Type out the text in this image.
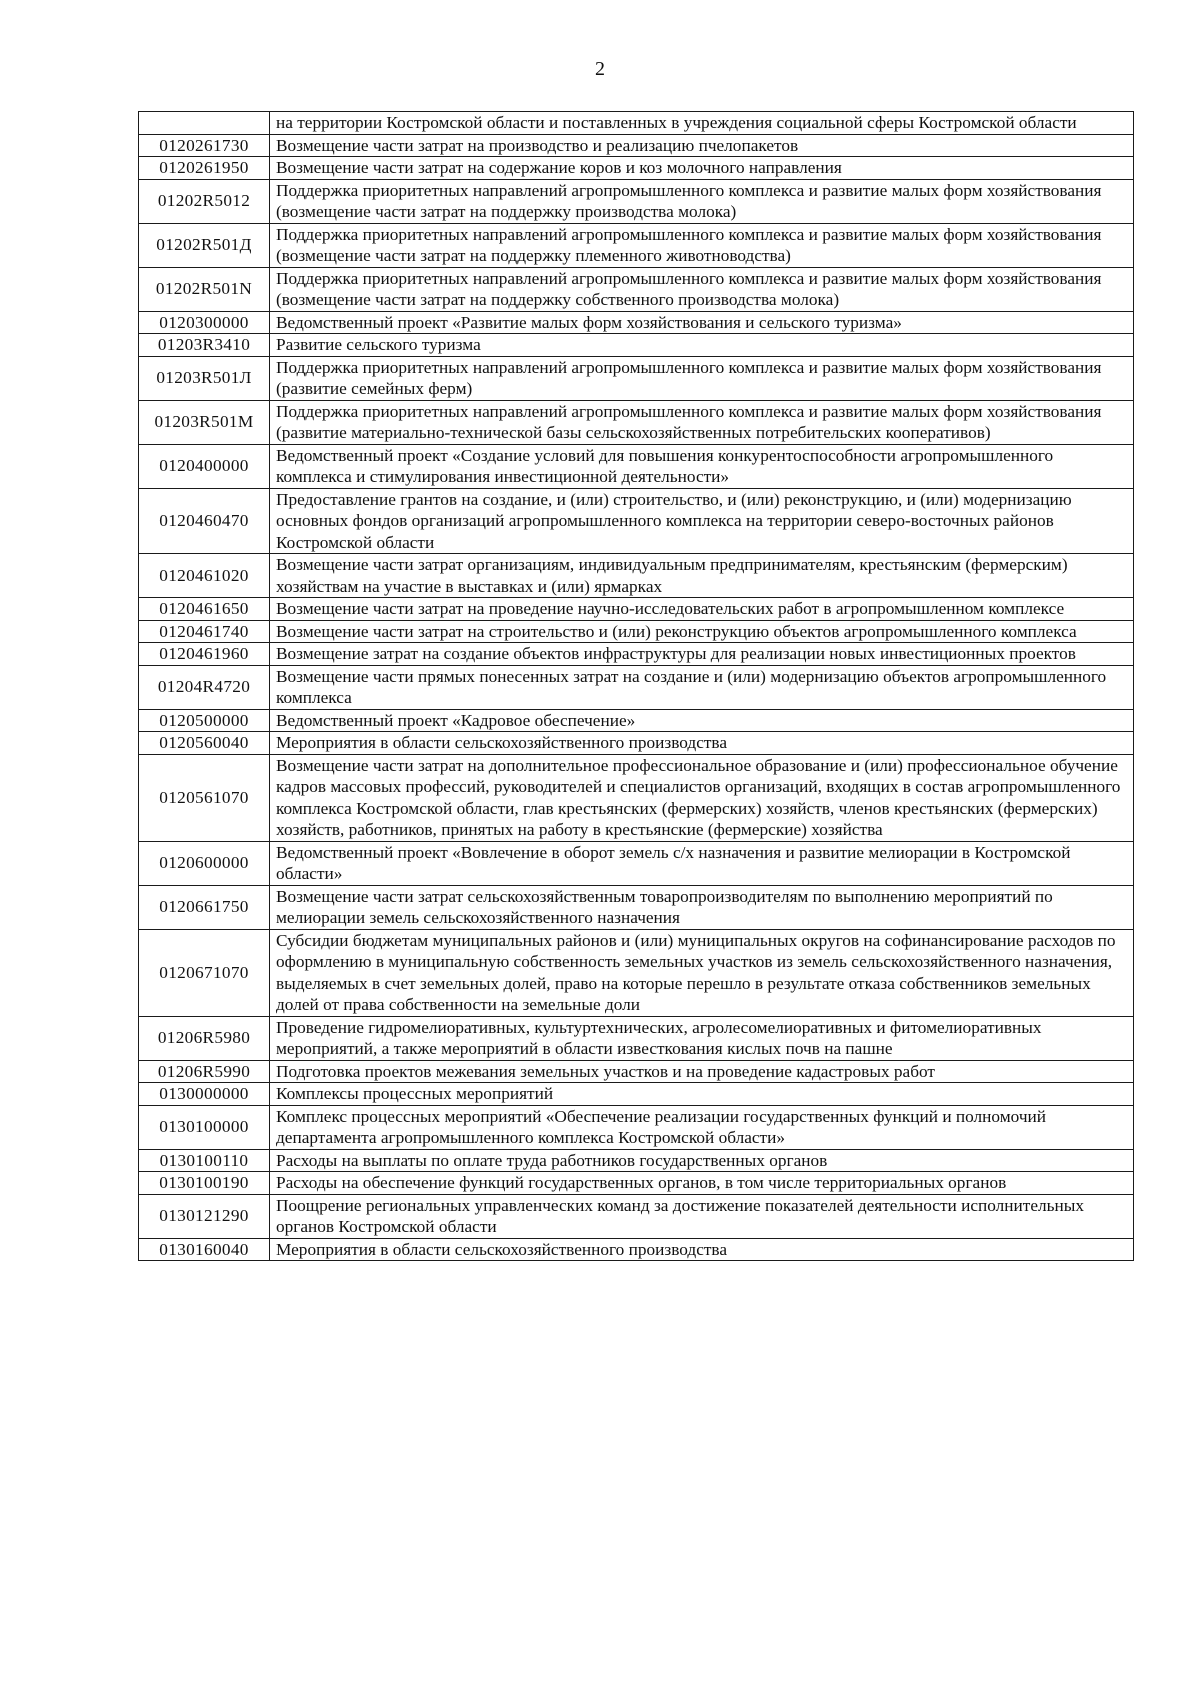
2
	на территории Костромской области и поставленных в учреждения социальной сферы Костромской области
0120261730	Возмещение части затрат на производство и реализацию пчелопакетов
0120261950	Возмещение части затрат на содержание коров и коз молочного направления
01202R5012	Поддержка приоритетных направлений агропромышленного комплекса и развитие малых форм хозяйствования (возмещение части затрат на поддержку производства молока)
01202R501Д	Поддержка приоритетных направлений агропромышленного комплекса и развитие малых форм хозяйствования (возмещение части затрат на поддержку племенного животноводства)
01202R501N	Поддержка приоритетных направлений агропромышленного комплекса и развитие малых форм хозяйствования (возмещение части затрат на поддержку собственного производства молока)
0120300000	Ведомственный проект «Развитие малых форм хозяйствования и сельского туризма»
01203R3410	Развитие сельского туризма
01203R501Л	Поддержка приоритетных направлений агропромышленного комплекса и развитие малых форм хозяйствования (развитие семейных ферм)
01203R501М	Поддержка приоритетных направлений агропромышленного комплекса и развитие малых форм хозяйствования (развитие материально-технической базы сельскохозяйственных потребительских кооперативов)
0120400000	Ведомственный проект «Создание условий для повышения конкурентоспособности агропромышленного комплекса и стимулирования инвестиционной деятельности»
0120460470	Предоставление грантов на создание, и (или) строительство, и (или) реконструкцию, и (или) модернизацию основных фондов организаций агропромышленного комплекса на территории северо-восточных районов Костромской области
0120461020	Возмещение части затрат организациям, индивидуальным предпринимателям, крестьянским (фермерским) хозяйствам на участие в выставках и (или) ярмарках
0120461650	Возмещение части затрат на проведение научно-исследовательских работ в агропромышленном комплексе
0120461740	Возмещение части затрат на строительство и (или) реконструкцию объектов агропромышленного комплекса
0120461960	Возмещение затрат на создание объектов инфраструктуры для реализации новых инвестиционных проектов
01204R4720	Возмещение части прямых понесенных затрат на создание и (или) модернизацию объектов агропромышленного комплекса
0120500000	Ведомственный проект «Кадровое обеспечение»
0120560040	Мероприятия в области сельскохозяйственного производства
0120561070	Возмещение части затрат на дополнительное профессиональное образование и (или) профессиональное обучение кадров массовых профессий, руководителей и специалистов организаций, входящих в состав агропромышленного комплекса Костромской области, глав крестьянских (фермерских) хозяйств, членов крестьянских (фермерских) хозяйств, работников, принятых на работу в крестьянские (фермерские) хозяйства
0120600000	Ведомственный проект «Вовлечение в оборот земель с/х назначения и развитие мелиорации в Костромской области»
0120661750	Возмещение части затрат сельскохозяйственным товаропроизводителям по выполнению мероприятий по мелиорации земель сельскохозяйственного назначения
0120671070	Субсидии бюджетам муниципальных районов и (или) муниципальных округов на софинансирование расходов по оформлению в муниципальную собственность земельных участков из земель сельскохозяйственного назначения, выделяемых в счет земельных долей, право на которые перешло в результате отказа собственников земельных долей от права собственности на земельные доли
01206R5980	Проведение гидромелиоративных, культуртехнических, агролесомелиоративных и фитомелиоративных мероприятий, а также мероприятий в области известкования кислых почв на пашне
01206R5990	Подготовка проектов межевания земельных участков и на проведение кадастровых работ
0130000000	Комплексы процессных мероприятий
0130100000	Комплекс процессных мероприятий «Обеспечение реализации государственных функций и полномочий департамента агропромышленного комплекса Костромской области»
0130100110	Расходы на выплаты по оплате труда работников государственных органов
0130100190	Расходы на обеспечение функций государственных органов, в том числе территориальных органов
0130121290	Поощрение региональных управленческих команд за достижение показателей деятельности исполнительных органов Костромской области
0130160040	Мероприятия в области сельскохозяйственного производства
